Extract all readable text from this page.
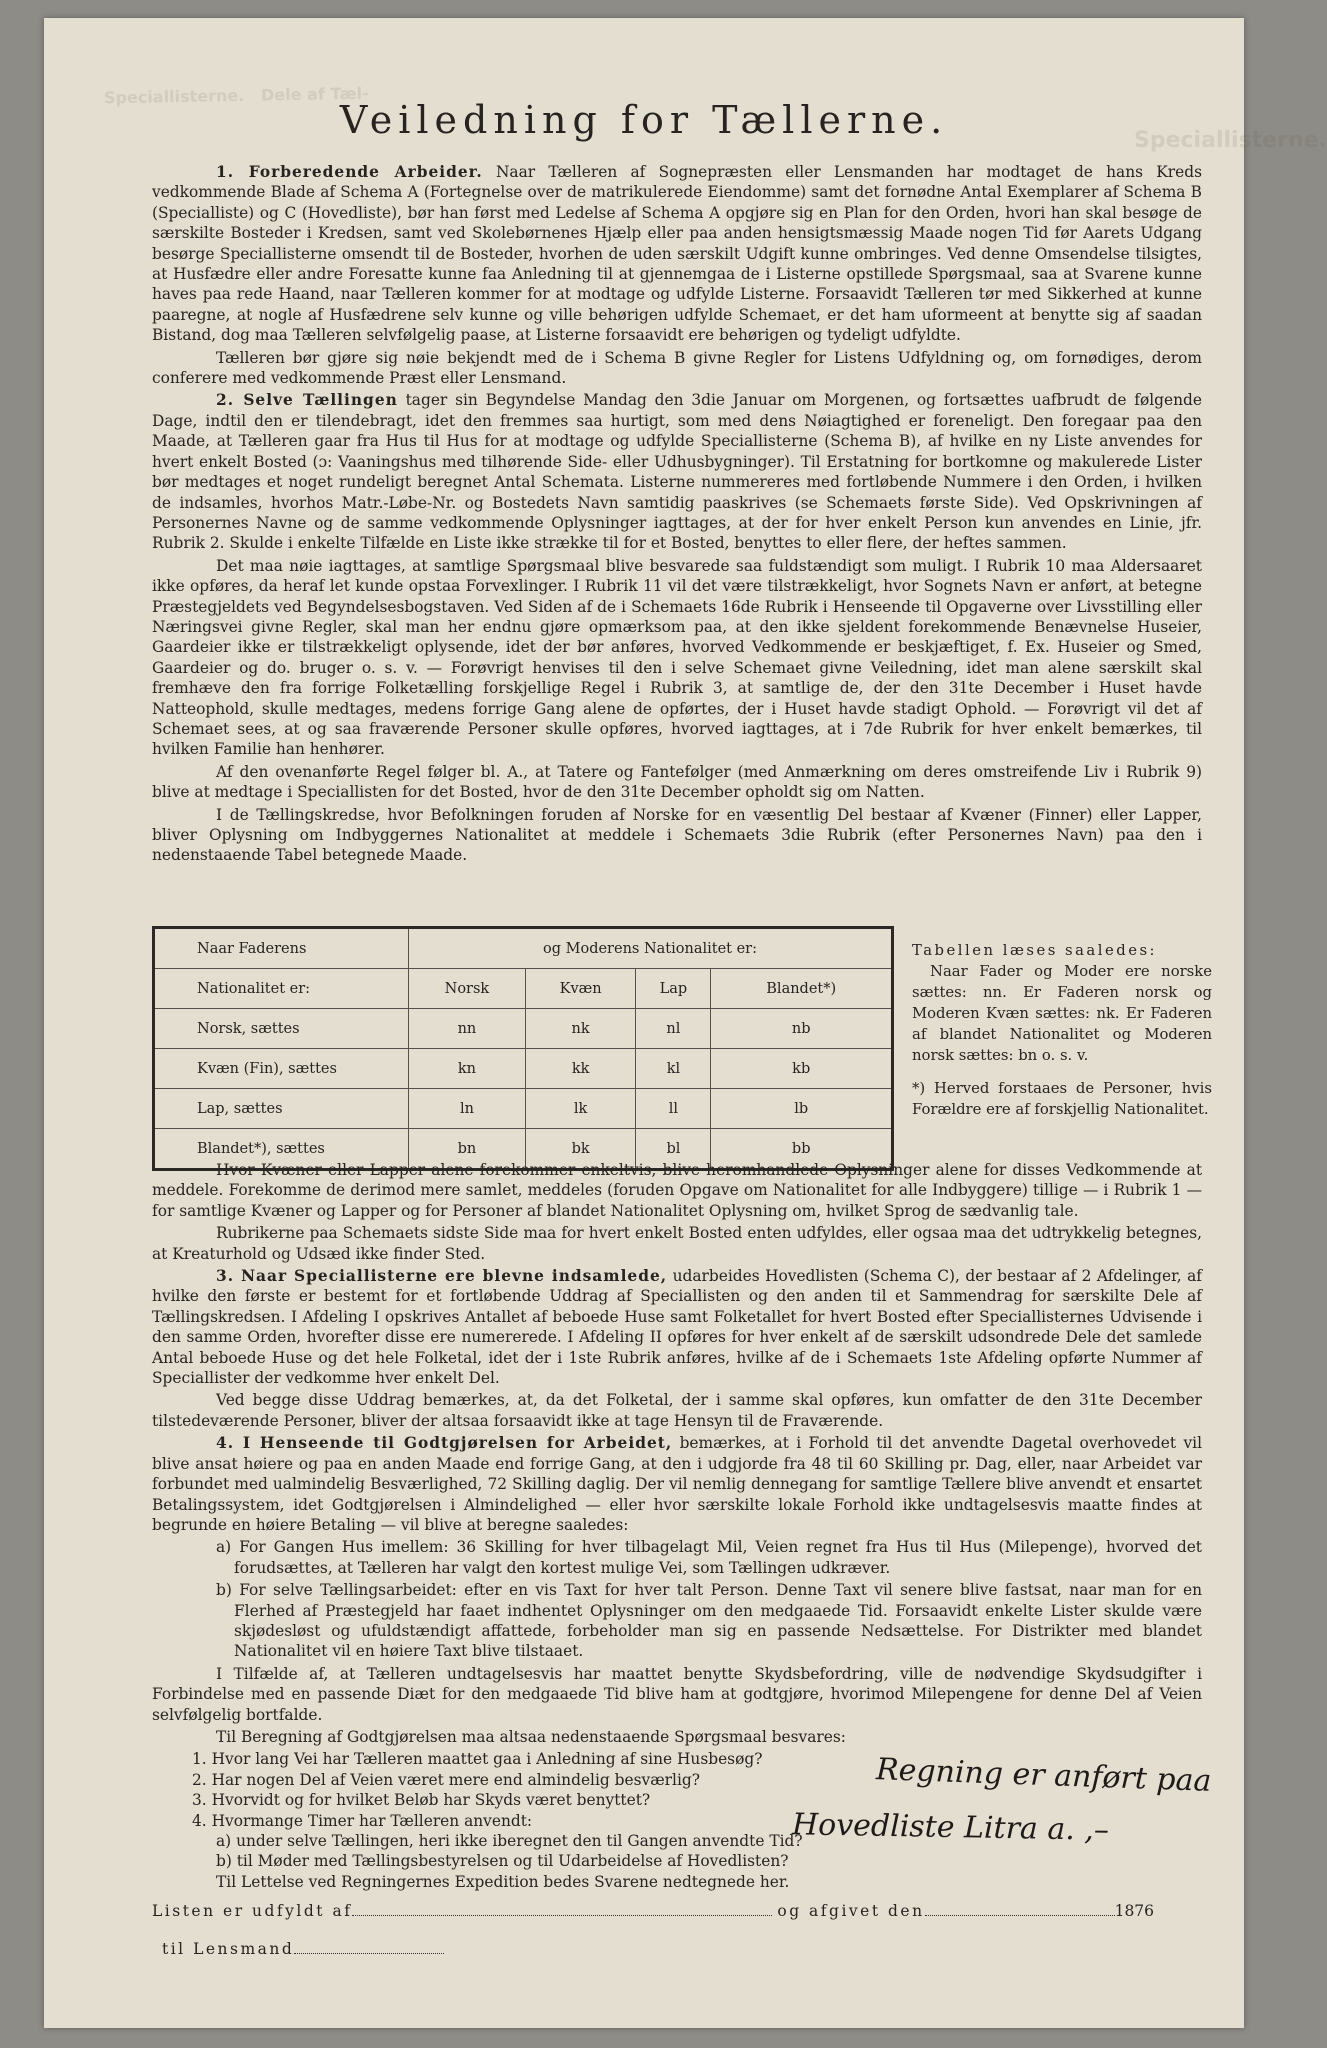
Speciallisterne.   Dele af Tæl-
Speciallisterne.
Veiledning for Tællerne.

1. Forberedende Arbeider. Naar Tælleren af Sognepræsten eller Lensmanden har modtaget de hans Kreds vedkommende Blade af Schema A (Fortegnelse over de matrikulerede Eiendomme) samt det fornødne Antal Exemplarer af Schema B (Specialliste) og C (Hovedliste), bør han først med Ledelse af Schema A opgjøre sig en Plan for den Orden, hvori han skal besøge de særskilte Bosteder i Kredsen, samt ved Skolebørnenes Hjælp eller paa anden hensigtsmæssig Maade nogen Tid før Aarets Udgang besørge Speciallisterne omsendt til de Bosteder, hvorhen de uden særskilt Udgift kunne ombringes. Ved denne Omsendelse tilsigtes, at Husfædre eller andre Foresatte kunne faa Anledning til at gjennemgaa de i Listerne opstillede Spørgsmaal, saa at Svarene kunne haves paa rede Haand, naar Tælleren kommer for at modtage og udfylde Listerne. Forsaavidt Tælleren tør med Sikkerhed at kunne paaregne, at nogle af Husfædrene selv kunne og ville behørigen udfylde Schemaet, er det ham uformeent at benytte sig af saadan Bistand, dog maa Tælleren selvfølgelig paase, at Listerne forsaavidt ere behørigen og tydeligt udfyldte.

Tælleren bør gjøre sig nøie bekjendt med de i Schema B givne Regler for Listens Udfyldning og, om fornødiges, derom conferere med vedkommende Præst eller Lensmand.

2. Selve Tællingen tager sin Begyndelse Mandag den 3die Januar om Morgenen, og fortsættes uafbrudt de følgende Dage, indtil den er tilendebragt, idet den fremmes saa hurtigt, som med dens Nøiagtighed er foreneligt. Den foregaar paa den Maade, at Tælleren gaar fra Hus til Hus for at modtage og udfylde Speciallisterne (Schema B), af hvilke en ny Liste anvendes for hvert enkelt Bosted (ɔ: Vaaningshus med tilhørende Side- eller Udhusbygninger). Til Erstatning for bortkomne og makulerede Lister bør medtages et noget rundeligt beregnet Antal Schemata. Listerne nummereres med fortløbende Nummere i den Orden, i hvilken de indsamles, hvorhos Matr.-Løbe-Nr. og Bostedets Navn samtidig paaskrives (se Schemaets første Side). Ved Opskrivningen af Personernes Navne og de samme vedkommende Oplysninger iagttages, at der for hver enkelt Person kun anvendes en Linie, jfr. Rubrik 2. Skulde i enkelte Tilfælde en Liste ikke strække til for et Bosted, benyttes to eller flere, der heftes sammen.

Det maa nøie iagttages, at samtlige Spørgsmaal blive besvarede saa fuldstændigt som muligt. I Rubrik 10 maa Aldersaaret ikke opføres, da heraf let kunde opstaa Forvexlinger. I Rubrik 11 vil det være tilstrækkeligt, hvor Sognets Navn er anført, at betegne Præstegjeldets ved Begyndelsesbogstaven. Ved Siden af de i Schemaets 16de Rubrik i Henseende til Opgaverne over Livsstilling eller Næringsvei givne Regler, skal man her endnu gjøre opmærksom paa, at den ikke sjeldent forekommende Benævnelse Huseier, Gaardeier ikke er tilstrækkeligt oplysende, idet der bør anføres, hvorved Vedkommende er beskjæftiget, f. Ex. Huseier og Smed, Gaardeier og do. bruger o. s. v. — Forøvrigt henvises til den i selve Schemaet givne Veiledning, idet man alene særskilt skal fremhæve den fra forrige Folketælling forskjellige Regel i Rubrik 3, at samtlige de, der den 31te December i Huset havde Natteophold, skulle medtages, medens forrige Gang alene de opførtes, der i Huset havde stadigt Ophold. — Forøvrigt vil det af Schemaet sees, at og saa fraværende Personer skulle opføres, hvorved iagttages, at i 7de Rubrik for hver enkelt bemærkes, til hvilken Familie han henhører.

Af den ovenanførte Regel følger bl. A., at Tatere og Fantefølger (med Anmærkning om deres omstreifende Liv i Rubrik 9) blive at medtage i Speciallisten for det Bosted, hvor de den 31te December opholdt sig om Natten.

I de Tællingskredse, hvor Befolkningen foruden af Norske for en væsentlig Del bestaar af Kvæner (Finner) eller Lapper, bliver Oplysning om Indbyggernes Nationalitet at meddele i Schemaets 3die Rubrik (efter Personernes Navn) paa den i nedenstaaende Tabel betegnede Maade.

Naar Faderens	og Moderens Nationalitet er:			
Nationalitet er:	Norsk	Kvæn	Lap	Blandet*)
Norsk, sættes	nn	nk	nl	nb
Kvæn (Fin), sættes	kn	kk	kl	kb
Lap, sættes	ln	lk	ll	lb
Blandet*), sættes	bn	bk	bl	bb

Tabellen læses saaledes:

Naar Fader og Moder ere norske sættes: nn. Er Faderen norsk og Moderen Kvæn sættes: nk. Er Faderen af blandet Nationalitet og Moderen norsk sættes: bn o. s. v.

*) Herved forstaaes de Personer, hvis Forældre ere af forskjellig Nationalitet.

Hvor Kvæner eller Lapper alene forekommer enkeltvis, blive heromhandlede Oplysninger alene for disses Vedkommende at meddele. Forekomme de derimod mere samlet, meddeles (foruden Opgave om Nationalitet for alle Indbyggere) tillige — i Rubrik 1 — for samtlige Kvæner og Lapper og for Personer af blandet Nationalitet Oplysning om, hvilket Sprog de sædvanlig tale.

Rubrikerne paa Schemaets sidste Side maa for hvert enkelt Bosted enten udfyldes, eller ogsaa maa det udtrykkelig betegnes, at Kreaturhold og Udsæd ikke finder Sted.

3. Naar Speciallisterne ere blevne indsamlede, udarbeides Hovedlisten (Schema C), der bestaar af 2 Afdelinger, af hvilke den første er bestemt for et fortløbende Uddrag af Speciallisten og den anden til et Sammendrag for særskilte Dele af Tællingskredsen. I Afdeling I opskrives Antallet af beboede Huse samt Folketallet for hvert Bosted efter Speciallisternes Udvisende i den samme Orden, hvorefter disse ere numererede. I Afdeling II opføres for hver enkelt af de særskilt udsondrede Dele det samlede Antal beboede Huse og det hele Folketal, idet der i 1ste Rubrik anføres, hvilke af de i Schemaets 1ste Afdeling opførte Nummer af Speciallister der vedkomme hver enkelt Del.

Ved begge disse Uddrag bemærkes, at, da det Folketal, der i samme skal opføres, kun omfatter de den 31te December tilstedeværende Personer, bliver der altsaa forsaavidt ikke at tage Hensyn til de Fraværende.

4. I Henseende til Godtgjørelsen for Arbeidet, bemærkes, at i Forhold til det anvendte Dagetal overhovedet vil blive ansat høiere og paa en anden Maade end forrige Gang, at den i udgjorde fra 48 til 60 Skilling pr. Dag, eller, naar Arbeidet var forbundet med ualmindelig Besværlighed, 72 Skilling daglig. Der vil nemlig dennegang for samtlige Tællere blive anvendt et ensartet Betalingssystem, idet Godtgjørelsen i Almindelighed — eller hvor særskilte lokale Forhold ikke undtagelsesvis maatte findes at begrunde en høiere Betaling — vil blive at beregne saaledes:

a) For Gangen Hus imellem: 36 Skilling for hver tilbagelagt Mil, Veien regnet fra Hus til Hus (Milepenge), hvorved det forudsættes, at Tælleren har valgt den kortest mulige Vei, som Tællingen udkræver.

b) For selve Tællingsarbeidet: efter en vis Taxt for hver talt Person. Denne Taxt vil senere blive fastsat, naar man for en Flerhed af Præstegjeld har faaet indhentet Oplysninger om den medgaaede Tid. Forsaavidt enkelte Lister skulde være skjødesløst og ufuldstændigt affattede, forbeholder man sig en passende Nedsættelse. For Distrikter med blandet Nationalitet vil en høiere Taxt blive tilstaaet.

I Tilfælde af, at Tælleren undtagelsesvis har maattet benytte Skydsbefordring, ville de nødvendige Skydsudgifter i Forbindelse med en passende Diæt for den medgaaede Tid blive ham at godtgjøre, hvorimod Milepengene for denne Del af Veien selvfølgelig bortfalde.

Til Beregning af Godtgjørelsen maa altsaa nedenstaaende Spørgsmaal besvares:

1. Hvor lang Vei har Tælleren maattet gaa i Anledning af sine Husbesøg?
2. Har nogen Del af Veien været mere end almindelig besværlig?
3. Hvorvidt og for hvilket Beløb har Skyds været benyttet?
4. Hvormange Timer har Tælleren anvendt:
a) under selve Tællingen, heri ikke iberegnet den til Gangen anvendte Tid?
b) til Møder med Tællingsbestyrelsen og til Udarbeidelse af Hovedlisten?

Til Lettelse ved Regningernes Expedition bedes Svarene nedtegnede her.

Regning er anført paa
Hovedliste Litra a. ,–
Listen er udfyldt af	og afgivet den	1876
til Lensmand
